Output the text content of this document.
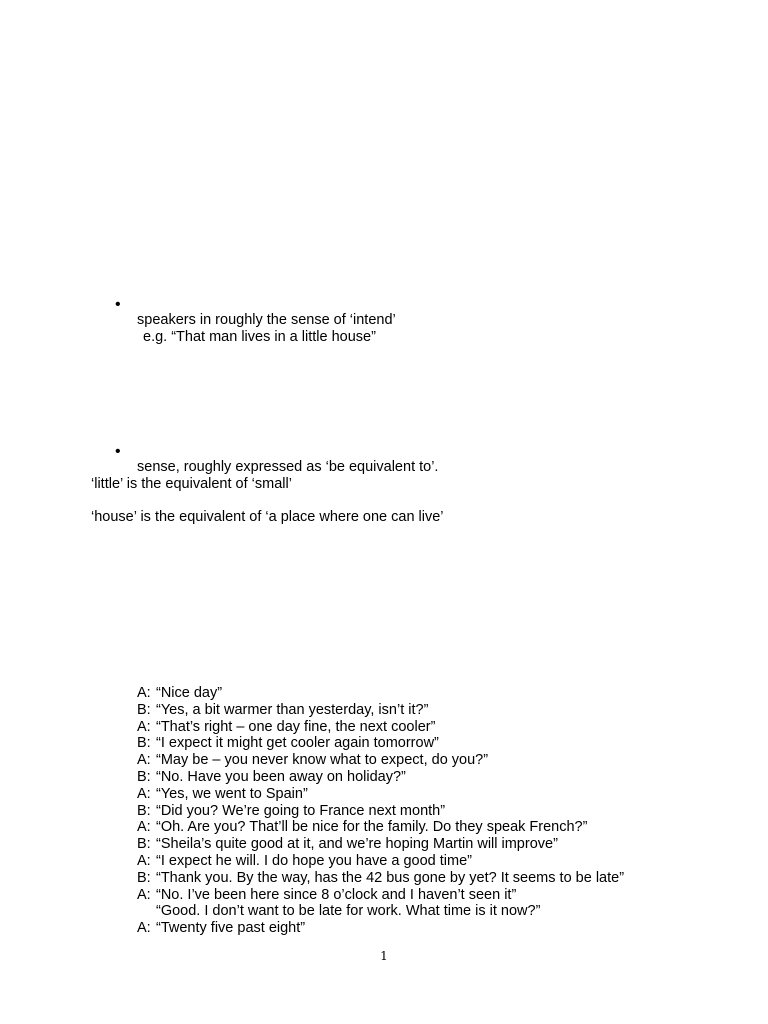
•
speakers in roughly the sense of ‘intend’
e.g. “That man lives in a little house”
•
sense, roughly expressed as ‘be equivalent to’.
‘little’ is the equivalent of ‘small’
‘house’ is the equivalent of ‘a place where one can live’
A: “Nice day”
B: “Yes, a bit warmer than yesterday, isn’t it?”
A: “That’s right – one day fine, the next cooler”
B: “I expect it might get cooler again tomorrow”
A: “May be – you never know what to expect, do you?”
B: “No. Have you been away on holiday?”
A: “Yes, we went to Spain”
B: “Did you? We’re going to France next month”
A: “Oh. Are you? That’ll be nice for the family. Do they speak French?”
B: “Sheila’s quite good at it, and we’re hoping Martin will improve”
A: “I expect he will. I do hope you have a good time”
B: “Thank you. By the way, has the 42 bus gone by yet? It seems to be late”
A: “No. I’ve been here since 8 o’clock and I haven’t seen it”
“Good. I don’t want to be late for work. What time is it now?”
A: “Twenty five past eight”
1
